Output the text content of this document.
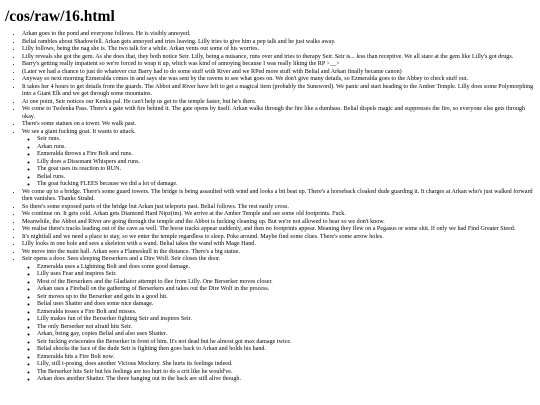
/cos/raw/16.html
• Arkan goes to the pond and everyone follows. He is visibly annoyed.
• Belial rambles about Shadowfell. Arkan gets annoyed and tries leaving. Lilly tries to give him a pep talk and he just walks away.
• Lilly follows, being the nag she is. The two talk for a while. Arkan vents out some of his worries.
• Lilly reveals she got the gem. As she does that, they both notice Seir. Lilly, being a nuisance, runs over and tries to therapy Seir. Seir is... less than receptive. We all stare at the gem like Lilly's got drugs.
• Barry's getting really impatient so we're forced to wrap it up, which was kind of annoying because I was really liking the RP >__>
• (Later we had a chance to just do whatever cuz Barry had to do some stuff with River and we RPed more stuff with Belial and Arkan finally became canon)
• Anyway so next morning Ezmeralda comes in and says she was sent by the ravens to see what goes on. We don't give many details, so Ezmeralda goes to the Abbey to check stuff out.
• It takes her 4 hours to get details from the guards. The Abbot and River have left to get a magical item (probably the Sunsword). We panic and start heading to the Amber Temple. Lilly does some Polymorphing into a Giant Elk and we get through some mountains.
• At one point, Seir notices our Kenku pal. He can't help us get to the temple faster, but he's there.
• We come to Tsolenka Pass. There's a gate with fire behind it. The gate opens by itself. Arkan walks through the fire like a dumbass. Belial dispels magic and suppresses the fire, so everyone else gets through okay.
• There's some statues on a tower. We walk past.
• We see a giant fucking goat. It wants to attack.
◦ Seir runs.
◦ Arkan runs.
◦ Ezmeralda throws a Fire Bolt and runs.
◦ Lilly does a Dissonant Whispers and runs.
◦ The goat uses its reaction to RUN.
◦ Belial runs.
◦ The goat fucking FLEES because we did a lot of damage.
• We come up to a bridge. There's some guard towers. The bridge is being assaulted with wind and looks a bit beat up. There's a horseback cloaked dude guarding it. It charges at Arkan who's just walked forward then vanishes. Thanks Strahd.
• So there's some exposed parts of the bridge but Arkan just teleports past. Belial follows. The rest easily cross.
• We continue on. It gets cold. Arkan gets Diamond Hard Nipz(tm). We arrive at the Amber Temple and see some old footprints. Fuck.
• Meanwhile, the Abbot and River are going through the temple and the Abbot is fucking cleaning up. But we're not allowed to hear so we don't know.
• We realise there's tracks leading out of the cave as well. The horse tracks appear suddenly, and then no footprints appear. Meaning they flew on a Pegasus or some shit. If only we had Find Greater Steed.
• It's nightfall and we need a place to stay, so we enter the temple regardless to sleep. Poke around. Maybe find some clues. There's some arrow holes.
• Lilly looks in one hole and sees a skeleton with a wand. Belial takes the wand with Mage Hand.
• We move into the main hall. Arkan sees a Flameskull in the distance. There's a big statue.
• Seir opens a door. Sees sleeping Berserkers and a Dire Wolf. Seir closes the door.
◦ Ezmeralda uses a Lightning Bolt and does some good damage.
◦ Lilly uses Fear and inspires Seir.
◦ Most of the Berserkers and the Gladiator attempt to flee from Lilly. One Berserker moves closer.
◦ Arkan uses a Fireball on the gathering of Berserkers and takes out the Dire Wolf in the process.
◦ Seir moves up to the Berserker and gets in a good hit.
◦ Belial uses Shatter and does some nice damage.
◦ Ezmeralda tosses a Fire Bolt and misses.
◦ Lilly makes fun of the Berserker fighting Seir and inspires Seir.
◦ The only Berserker not afraid hits Seir.
◦ Arkan, being gay, copies Belial and also uses Shatter.
◦ Seir fucking eviscerates the Berserker in front of him. It's not dead but he almost got max damage twice.
◦ Belial shocks the face of the dude Seir is fighting then goes back to Arkan and holds his hand.
◦ Ezmeralda hits a Fire Bolt now.
◦ Lilly, still t-posing, does another Vicious Mockery. She hurts its feelings indeed.
◦ The Berserker hits Seir but his feelings are too hurt to do a crit like he would've.
◦ Arkan does another Shatter. The three hanging out in the back are still alive though.
